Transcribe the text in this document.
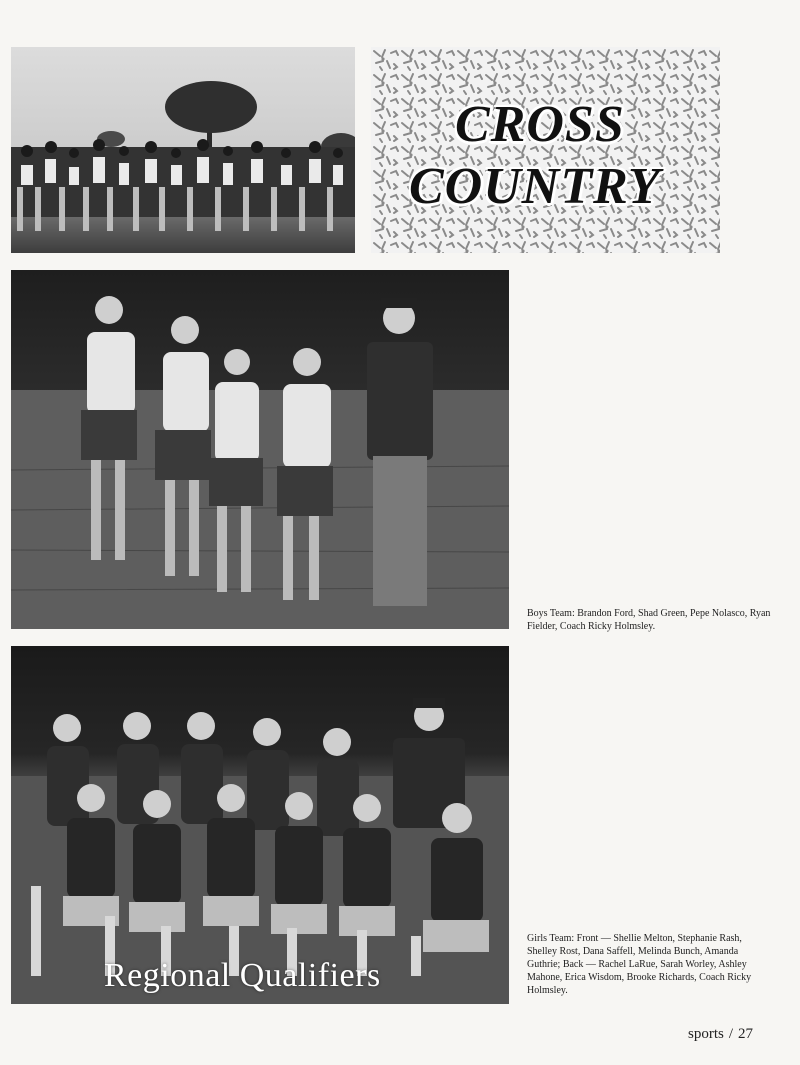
CROSS
COUNTRY
Boys Team: Brandon Ford, Shad Green, Pepe Nolasco, Ryan Fielder, Coach Ricky Holmsley.
Regional Qualifiers
Girls Team: Front — Shellie Melton, Stephanie Rash, Shelley Rost, Dana Saffell, Melinda Bunch, Amanda Guthrie; Back — Rachel LaRue, Sarah Worley, Ashley Mahone, Erica Wisdom, Brooke Richards, Coach Ricky Holmsley.
sports / 27
